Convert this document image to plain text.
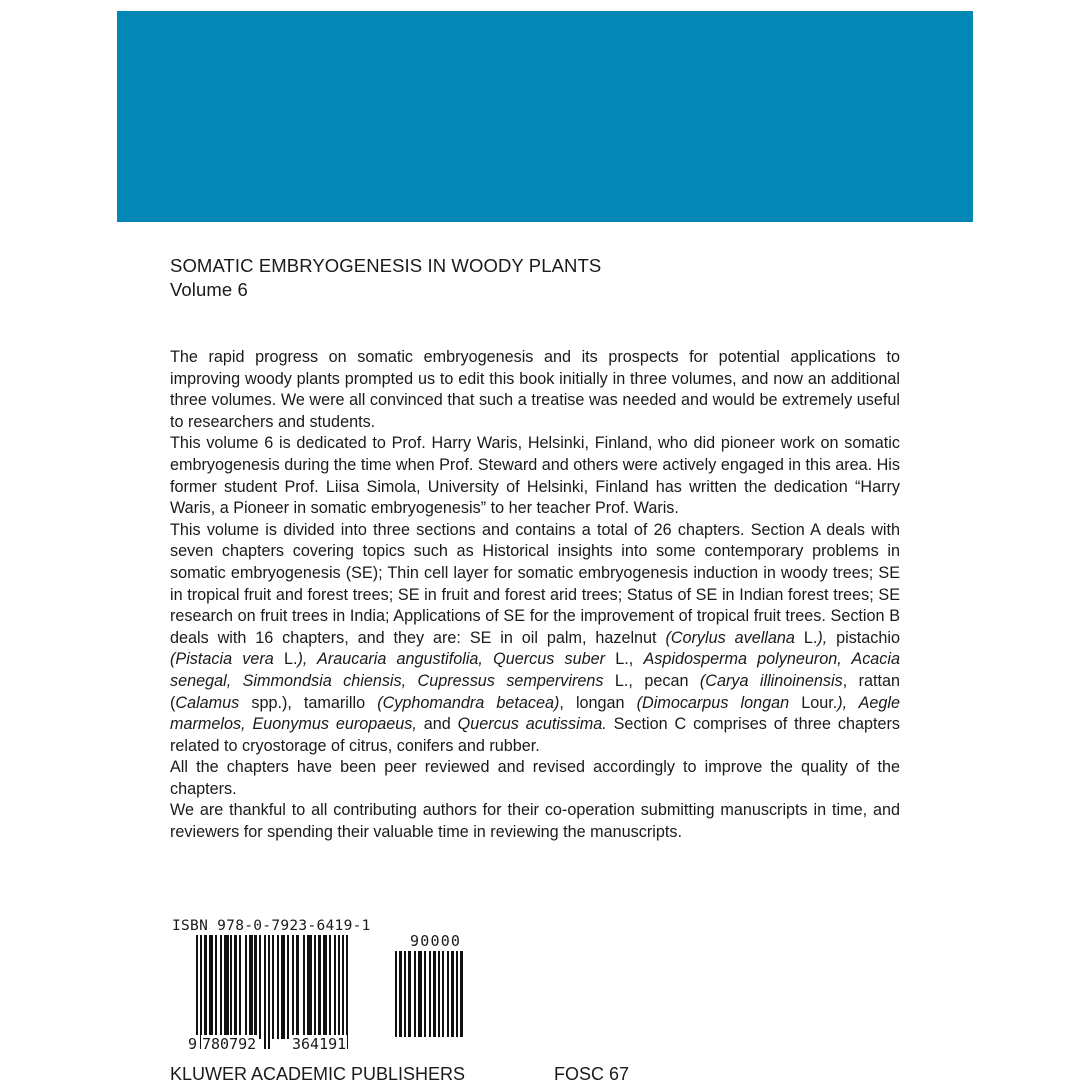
SOMATIC EMBRYOGENESIS IN WOODY PLANTS
Volume 6

The rapid progress on somatic embryogenesis and its prospects for potential applications to improving woody plants prompted us to edit this book initially in three volumes, and now an additional three volumes. We were all convinced that such a treatise was needed and would be extremely useful to researchers and students.

This volume 6 is dedicated to Prof. Harry Waris, Helsinki, Finland, who did pioneer work on somatic embryogenesis during the time when Prof. Steward and others were actively engaged in this area. His former student Prof. Liisa Simola, University of Helsinki, Finland has written the dedication “Harry Waris, a Pioneer in somatic embryogenesis” to her teacher Prof. Waris.

This volume is divided into three sections and contains a total of 26 chapters. Section A deals with seven chapters covering topics such as Historical insights into some contemporary problems in somatic embryogenesis (SE); Thin cell layer for somatic embryogenesis induction in woody trees; SE in tropical fruit and forest trees; SE in fruit and forest arid trees; Status of SE in Indian forest trees; SE research on fruit trees in India; Applications of SE for the improvement of tropical fruit trees. Section B deals with 16 chapters, and they are: SE in oil palm, hazelnut (Corylus avellana L.), pistachio (Pistacia vera L.), Araucaria angustifolia, Quercus suber L., Aspidosperma polyneuron, Acacia senegal, Simmondsia chiensis, Cupressus sempervirens L., pecan (Carya illinoinensis, rattan (Calamus spp.), tamarillo (Cyphomandra betacea), longan (Dimocarpus longan Lour.), Aegle marmelos, Euonymus europaeus, and Quercus acutissima. Section C comprises of three chapters related to cryostorage of citrus, conifers and rubber.

All the chapters have been peer reviewed and revised accordingly to improve the quality of the chapters.

We are thankful to all contributing authors for their co-operation submitting manuscripts in time, and reviewers for spending their valuable time in reviewing the manuscripts.

ISBN 978-0-7923-6419-1
90000
9 780792 364191
KLUWER ACADEMIC PUBLISHERS	FOSC 67
